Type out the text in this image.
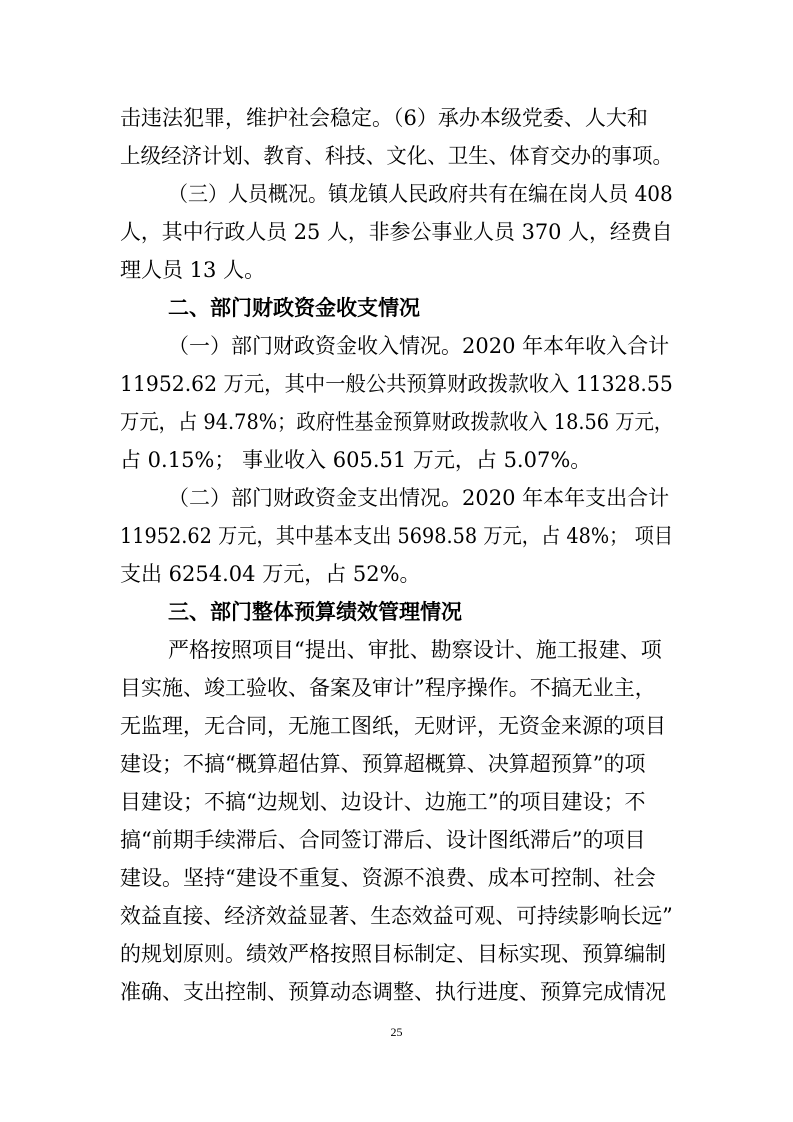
击违法犯罪，维护社会稳定。（6）承办本级党委、人大和
上级经济计划、教育、科技、文化、卫生、体育交办的事项。
（三）人员概况。镇龙镇人民政府共有在编在岗人员 408
人，其中行政人员 25 人，非参公事业人员 370 人，经费自
理人员 13 人。
二、部门财政资金收支情况
（一）部门财政资金收入情况。2020 年本年收入合计
11952.62 万元，其中一般公共预算财政拨款收入 11328.55
万元，占 94.78%；政府性基金预算财政拨款收入 18.56 万元，
占 0.15%； 事业收入 605.51 万元，占 5.07%。
（二）部门财政资金支出情况。2020 年本年支出合计
11952.62 万元，其中基本支出 5698.58 万元，占 48%； 项目
支出 6254.04 万元，占 52%。
三、部门整体预算绩效管理情况
严格按照项目“提出、审批、勘察设计、施工报建、项
目实施、竣工验收、备案及审计”程序操作。不搞无业主，
无监理，无合同，无施工图纸，无财评，无资金来源的项目
建设；不搞“概算超估算、预算超概算、决算超预算”的项
目建设；不搞“边规划、边设计、边施工”的项目建设；不
搞“前期手续滞后、合同签订滞后、设计图纸滞后”的项目
建设。坚持“建设不重复、资源不浪费、成本可控制、社会
效益直接、经济效益显著、生态效益可观、可持续影响长远”
的规划原则。绩效严格按照目标制定、目标实现、预算编制
准确、支出控制、预算动态调整、执行进度、预算完成情况
25
